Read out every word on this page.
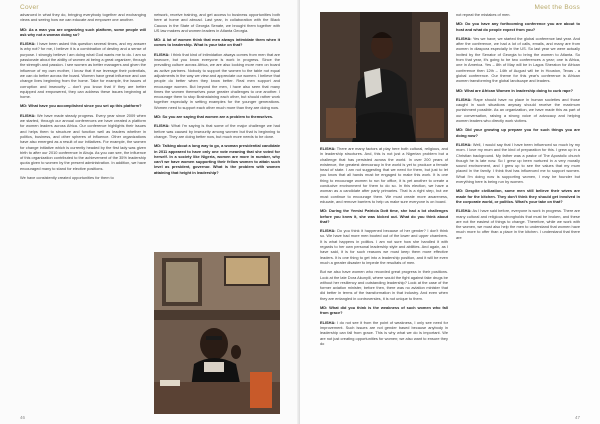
Cover

advanced in what they do, bringing everybody together and exchanging views and seeing how we can educate and empower one another.

MD: As a man you are organizing such platform, some people will ask why not a woman doing so?

ELISHA: I have been asked this question several times, and my answer is why not? for me, I believe it is a combination of destiny and a sense of purpose. I strongly believe I am doing what God wants me to do. I am so passionate about the ability of women at being a great organizer, through the strength and passion. I see women as better managers and given the influence of my own mother, I know that if we leverage their potentials, we can do better across the board. Women have great influence and can change lives beginning from the home. Take for example, the issues of corruption and insecurity – don't you know that if they are better equipped and empowered, they can address these issues beginning at home.

MD: What have you accomplished since you set up this platform?

ELISHA: We have made steady progress. Every year since 2009 when we started, through our annual conferences we have created a platform for women leaders across Africa. Our conference highlights their issues and helps them to structure and function well as leaders whether in politics, business, and other spheres of influence. Other organizations have also emerged as a result of our initiatives. For example, the women for change initiative which is currently headed by the first lady was given birth to after our 2010 conference in Abuja. As you can see, the influence of this organization contributed to the achievement of the 35% leadership quota given to women by the present administration. In addition, we have encouraged many to stand for elective positions.

We have consistently created opportunities for them to

network, receive training, and get access to business opportunities both here at home and abroad. Last year, in collaboration with the Black Caucus in the State of Georgia Senate, we brought them together with US law makers and women leaders in Atlanta Georgia.

MD: A lot of women think that men always intimidate them when it comes to leadership. What is your take on that?

ELISHA: I think that kind of intimidation always comes from men that are insecure, but you know everyone is work in progress. Since the prevailing culture across Africa, we are also looking more men on board as active partners. Nobody to support the women to the table not equal adjustments in the way we view and appreciate our women. I believe that people do better when they know better. Real men support and encourage women. But beyond the men, I have also seen that many times the women themselves pose greater challenges to one another. I encourage them to stop Brainstaining each other, but should rather work together especially in setting examples for the younger generations. Women need to support each other much more than they are doing now.

MD: So you are saying that women are a problem to themselves.

ELISHA: What I'm saying is that some of the major challenge we had before was caused by insecurity among women but that is beginning to change. They are doing better now, but much more needs to be done.

MD: Talking about a long way to go, a woman presidential candidate in 2011 appeared to have only one vote meaning that she voted for herself. In a society like Nigeria, women are more in number, why can't we have women supporting their fellow women to attain such level as president, governor. What is the problem with women attaining that height in leadership?

46
Meet the Boss

ELISHA: There are many factors at play here both cultural, religious, and in leadership structures. And, this is not just a Nigerian problem but a challenge that has persisted across the world. In over 200 years of existence, the greatest democracy in the world is yet to produce a female head of state. I am not suggesting that we need for them, but just to let you know that all hands must be engaged to make this work. It is one thing to encourage women to run for office, it is yet another to create a conducive environment for them to do so. In this election, we have a woman as a candidate after party primaries. That is a right step, but we must continue to encourage them. We must create more awareness, educate, and remove barriers to help us make sure everyone is on board.

MD: During the Yemisi Patricia Dott time, she had a lot challenges before you knew it, she was kicked out. What do you think about that?

ELISHA: Do you think it happened because of her gender? I don't think so. We have had more men booted out of the lower and upper chambers. It is what happens in politics. I am not sure how she handled it with regards to her own personal leadership style and abilities. And again, as I have said, it is for such reasons we must keep them more effective leaders. It is one thing to get into a leadership position, and it will be even much a greater disaster to impede the resultats of men.

But we also have women who recorded great progress in their positions. Look at the late Dora Akunyili, where would the fight against fake drugs be without her resiliency and outstanding leadership? Look at the case of the former aviation minister, before then, there was no aviation minister that did better in terms of the transformation in that industry. And even when they are entangled in controversies, it is not unique to them.

MD: What did you think is the weakness of such women who fall from grace?

ELISHA: I do not see it from the point of weakness, I only see need for improvement. Such issues are not gender based because anybody in leadership can fall from grace. This is why what we do is important. We are not just creating opportunities for women; we also want to ensure they do

not repeat the mistakes of men.

MD: Do you have any forthcoming conference you are about to host and what do people expect from you?

ELISHA: Yes we have; we started the global conference last year. And after the conference, we had a lot of calls, emails, and many are from women in diaspora especially in the US. So last year we were actually invited by the Senator of Georgia to bring the women to Atlanta. So from that year, it's going to be two conferences a year; one is Africa, one in America. Yes – 8th of May will be in Lagos Sheraton for African conference then 12th – 14th of August will be in Houston, Texas - a global conference. Our theme for this year's conference is African women transforming the global landscape and leaders.

MD: What are African Women in leadership doing to curb rape?

ELISHA: Rape should have no place in human societies and those caught in such situations anyway should receive the maximum punishment possible. As an organization, we have made this as part of our conversation, raising a strong voice of advocacy and helping women leaders who directly work victims.

MD: Did your growing up prepare you for such things you are doing now?

ELISHA: Well, I would say that I have been influenced so much by my mom. I love my mum and the kind of preparation for this. I grew up in a Christian background. My father was a pastor of The Apostolic church though he is late now. So I grew up been nurtured in a very morally sound environment, and I grew up to see the values that my mum placed in the family. I think that has influenced me to support women. What I'm doing now is supporting women, I may be founder but everything here is being run by women.

MD: Despite civilization, some men still believe their wives are made for the kitchen. They don't think they should get involved in the corporate world, or politics. What's your take on that?

ELISHA: As I have said before, everyone is work in progress. There are many cultural and religious strongholds that must be broken, and these are not the easiest of things to change. Therefore, while we work with the women, we must also help the men to understand that women have much more to offer than a place in the kitchen. I understand that there are

47
